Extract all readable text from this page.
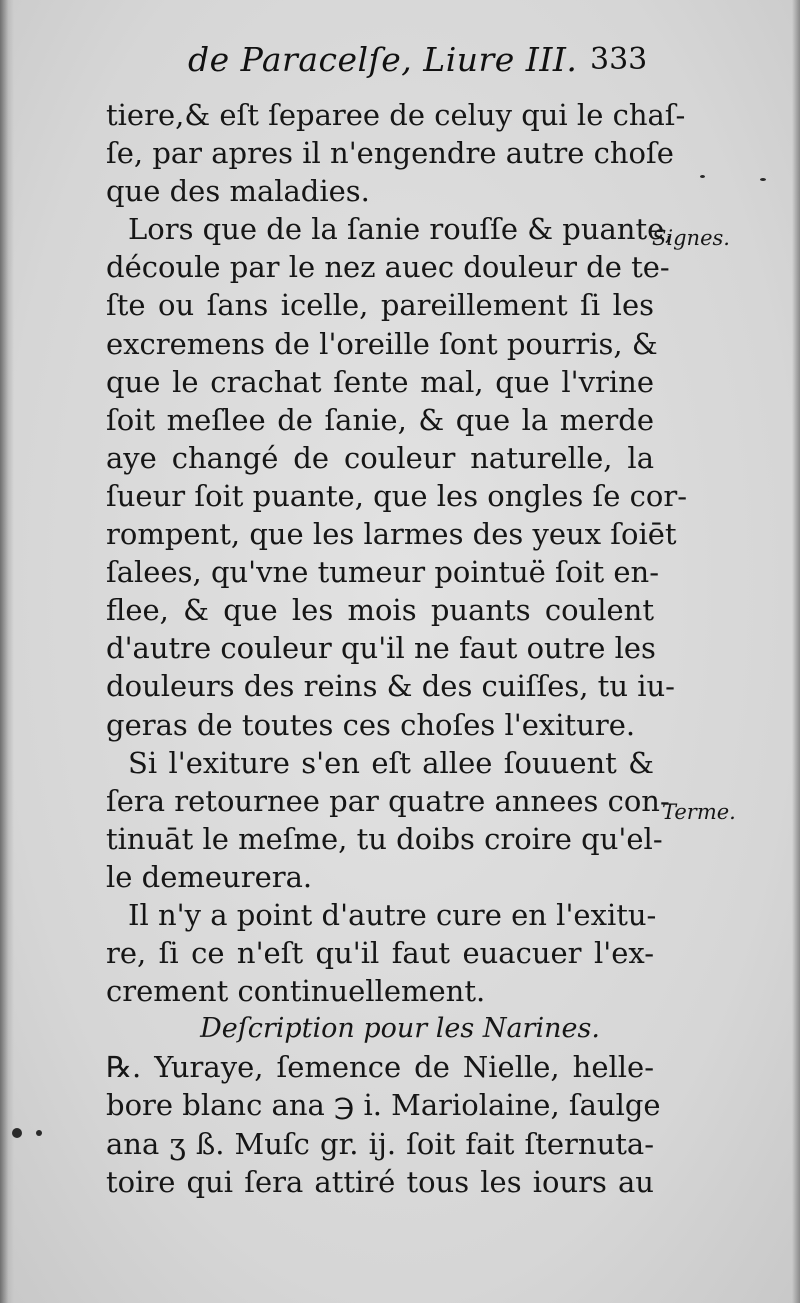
de Paracelſe, Liure III. 333
Signes.
Terme.
tiere,& eſt ſeparee de celuy qui le chaſ-
ſe, par apres il n'engendre autre choſe
que des maladies.
Lors que de la ſanie rouſſe & puante,
découle par le nez auec douleur de te-
ſte ou ſans icelle, pareillement ſi les
excremens de l'oreille ſont pourris, &
que le crachat ſente mal, que l'vrine
ſoit meſlee de ſanie, & que la merde
aye changé de couleur naturelle, la
ſueur ſoit puante, que les ongles ſe cor-
rompent, que les larmes des yeux ſoiēt
ſalees, qu'vne tumeur pointuë ſoit en-
flee, & que les mois puants coulent
d'autre couleur qu'il ne faut outre les
douleurs des reins & des cuiſſes, tu iu-
geras de toutes ces choſes l'exiture.
Si l'exiture s'en eſt allee ſouuent &
ſera retournee par quatre annees con-
tinuāt le meſme, tu doibs croire qu'el-
le demeurera.
Il n'y a point d'autre cure en l'exitu-
re, ſi ce n'eſt qu'il faut euacuer l'ex-
crement continuellement.
Deſcription pour les Narines.
℞. Yuraye, ſemence de Nielle, helle-
bore blanc ana ℈ i. Mariolaine, ſaulge
ana ʒ ß. Muſc gr. ij. ſoit fait ſternuta-
toire qui ſera attiré tous les iours au
